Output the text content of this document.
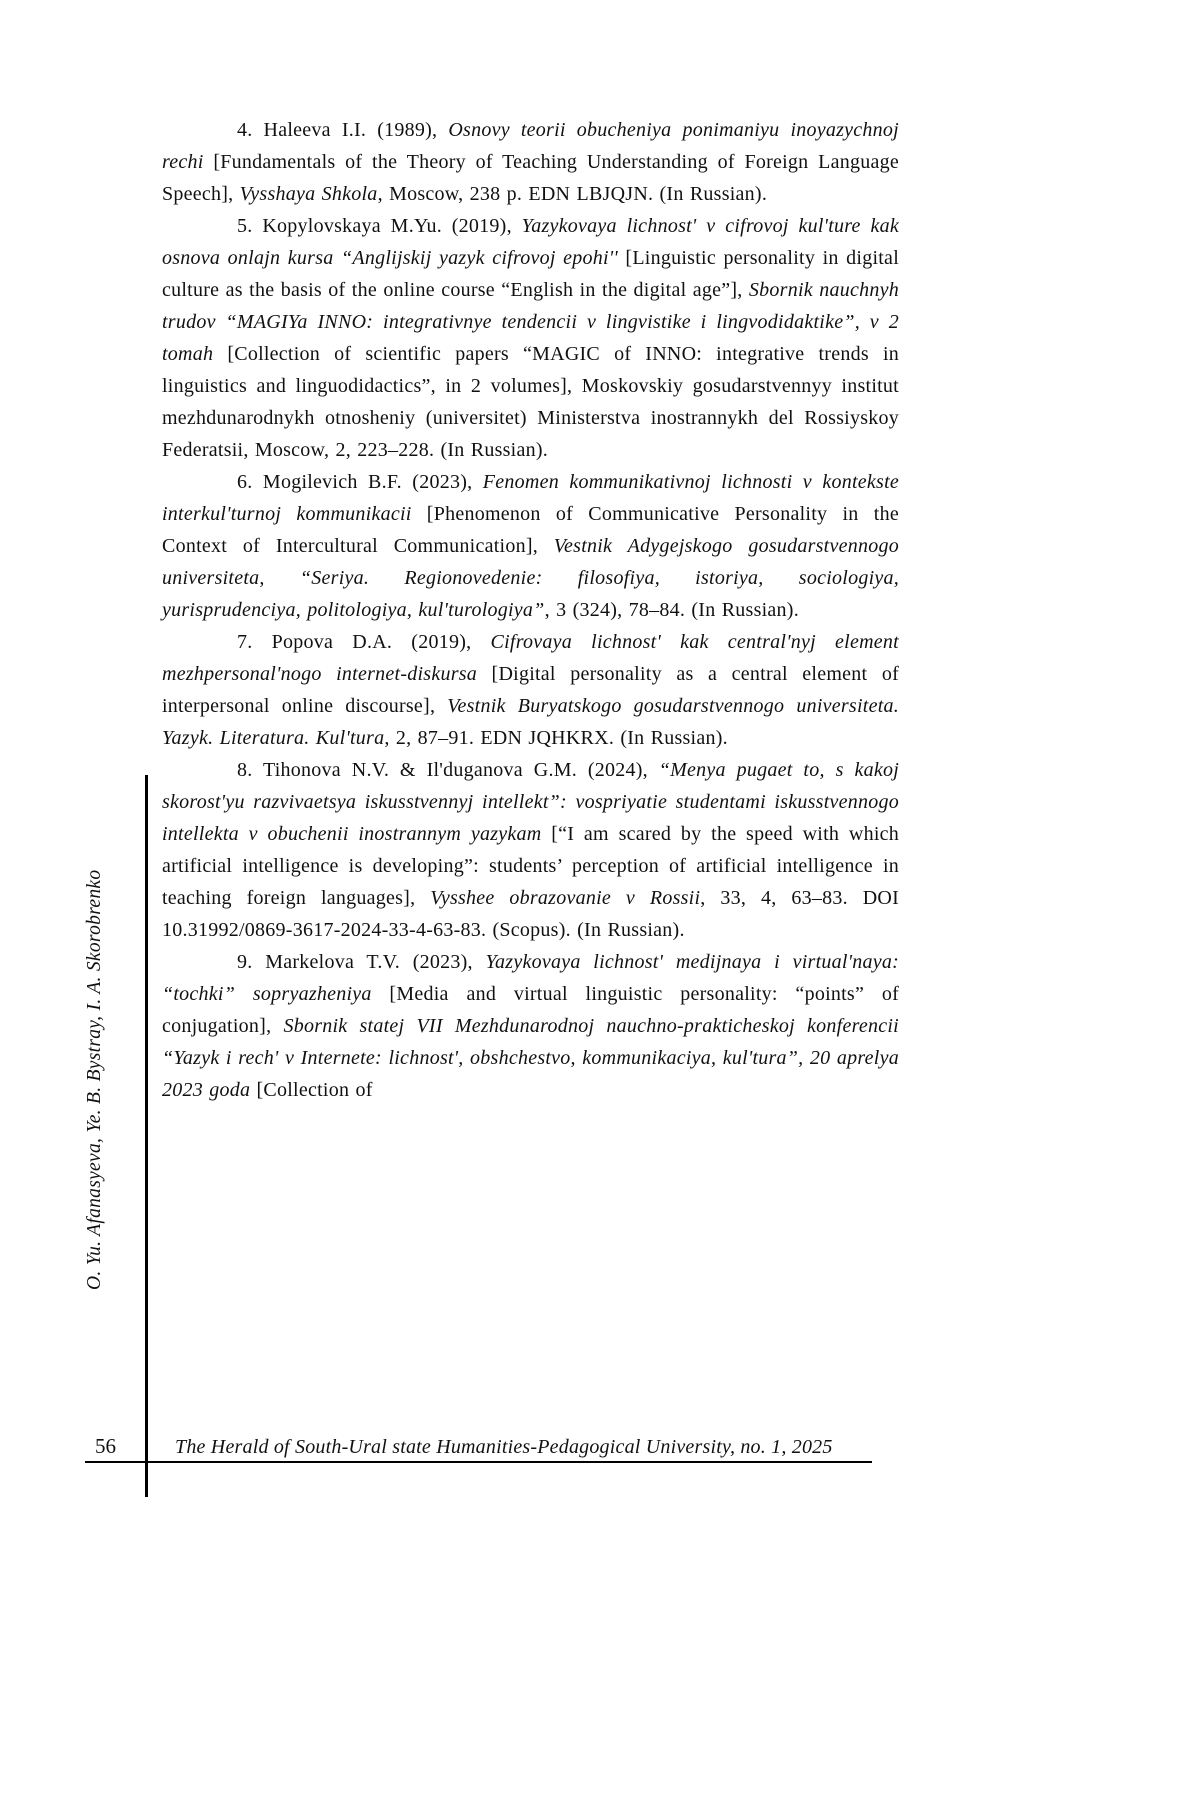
O. Yu. Afanasyeva, Ye. B. Bystray, I. A. Skorobrenko

4. Haleeva I.I. (1989), Osnovy teorii obucheniya ponimaniyu inoyazychnoj rechi [Fundamentals of the Theory of Teaching Understanding of Foreign Language Speech], Vysshaya Shkola, Moscow, 238 p. EDN LBJQJN. (In Russian).

5. Kopylovskaya M.Yu. (2019), Yazykovaya lichnost' v cifrovoj kul'ture kak osnova onlajn kursa “Anglijskij yazyk cifrovoj epohi'' [Linguistic personality in digital culture as the basis of the online course “English in the digital age”], Sbornik nauchnyh trudov “MAGIYa INNO: integrativnye tendencii v lingvistike i lingvodidaktike”, v 2 tomah [Collection of scientific papers “MAGIC of INNO: integrative trends in linguistics and linguodidactics”, in 2 volumes], Moskovskiy gosudarstvennyy institut mezhdunarodnykh otnosheniy (universitet) Ministerstva inostrannykh del Rossiyskoy Federatsii, Moscow, 2, 223–228. (In Russian).

6. Mogilevich B.F. (2023), Fenomen kommunikativnoj lichnosti v kontekste interkul'turnoj kommunikacii [Phenomenon of Communicative Personality in the Context of Intercultural Communication], Vestnik Adygejskogo gosudarstvennogo universiteta, “Seriya. Regionovedenie: filosofiya, istoriya, sociologiya, yurisprudenciya, politologiya, kul'turologiya”, 3 (324), 78–84. (In Russian).

7. Popova D.A. (2019), Cifrovaya lichnost' kak central'nyj element mezhpersonal'nogo internet-diskursa [Digital personality as a central element of interpersonal online discourse], Vestnik Buryatskogo gosudarstvennogo universiteta. Yazyk. Literatura. Kul'tura, 2, 87–91. EDN JQHKRX. (In Russian).

8. Tihonova N.V. & Il'duganova G.M. (2024), “Menya pugaet to, s kakoj skorost'yu razvivaetsya iskusstvennyj intellekt”: vospriyatie studentami iskusstvennogo intellekta v obuchenii inostrannym yazykam [“I am scared by the speed with which artificial intelligence is developing”: students’ perception of artificial intelligence in teaching foreign languages], Vysshee obrazovanie v Rossii, 33, 4, 63–83. DOI 10.31992/0869-3617-2024-33-4-63-83. (Scopus). (In Russian).

9. Markelova T.V. (2023), Yazykovaya lichnost' medijnaya i virtual'naya: “tochki” sopryazheniya [Media and virtual linguistic personality: “points” of conjugation], Sbornik statej VII Mezhdunarodnoj nauchno-prakticheskoj konferencii “Yazyk i rech' v Internete: lichnost', obshchestvo, kommunikaciya, kul'tura”, 20 aprelya 2023 goda [Collection of

56	The Herald of South-Ural state Humanities-Pedagogical University, no. 1, 2025
